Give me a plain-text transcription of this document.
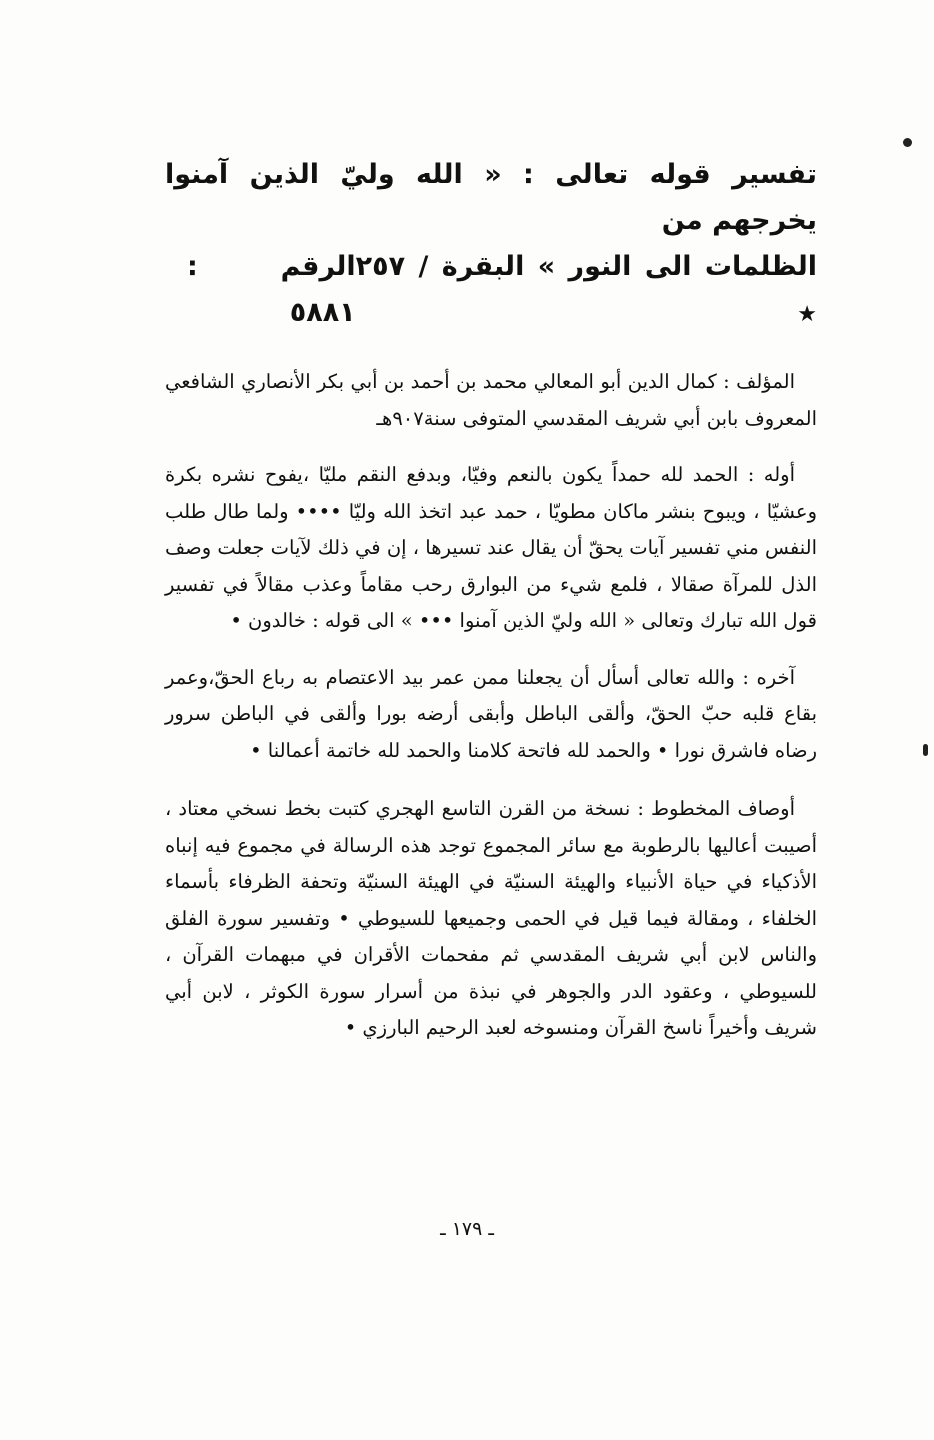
تفسير قوله تعالى : « الله وليّ الذين آمنوا يخرجهم من
الظلمات الى النور » البقرة / ٢٥٧ ★
الرقم : ٥٨٨١

المؤلف : كمال الدين أبو المعالي محمد بن أحمد بن أبي بكر الأنصاري الشافعي المعروف بابن أبي شريف المقدسي المتوفى سنة٩٠٧هـ

أوله : الحمد لله حمداً يكون بالنعم وفيّا، وبدفع النقم مليّا ،يفوح نشره بكرة وعشيّا ، ويبوح بنشر ماكان مطويّا ، حمد عبد اتخذ الله وليّا •••• ولما طال طلب النفس مني تفسير آيات يحقّ أن يقال عند تسيرها ، إن في ذلك لآيات جعلت وصف الذل للمرآة صقالا ، فلمع شيء من البوارق رحب مقاماً وعذب مقالاً في تفسير قول الله تبارك وتعالى « الله وليّ الذين آمنوا ••• » الى قوله : خالدون •

آخره : والله تعالى أسأل أن يجعلنا ممن عمر بيد الاعتصام به رباع الحقّ،وعمر بقاع قلبه حبّ الحقّ، وألقى الباطل وأبقى أرضه بورا وألقى في الباطن سرور رضاه فاشرق نورا • والحمد لله فاتحة كلامنا والحمد لله خاتمة أعمالنا •

أوصاف المخطوط : نسخة من القرن التاسع الهجري كتبت بخط نسخي معتاد ، أصيبت أعاليها بالرطوبة مع سائر المجموع توجد هذه الرسالة في مجموع فيه إنباه الأذكياء في حياة الأنبياء والهيئة السنيّة في الهيئة السنيّة وتحفة الظرفاء بأسماء الخلفاء ، ومقالة فيما قيل في الحمى وجميعها للسيوطي • وتفسير سورة الفلق والناس لابن أبي شريف المقدسي ثم مفحمات الأقران في مبهمات القرآن ، للسيوطي ، وعقود الدر والجوهر في نبذة من أسرار سورة الكوثر ، لابن أبي شريف وأخيراً ناسخ القرآن ومنسوخه لعبد الرحيم البارزي •

ـ ١٧٩ ـ
